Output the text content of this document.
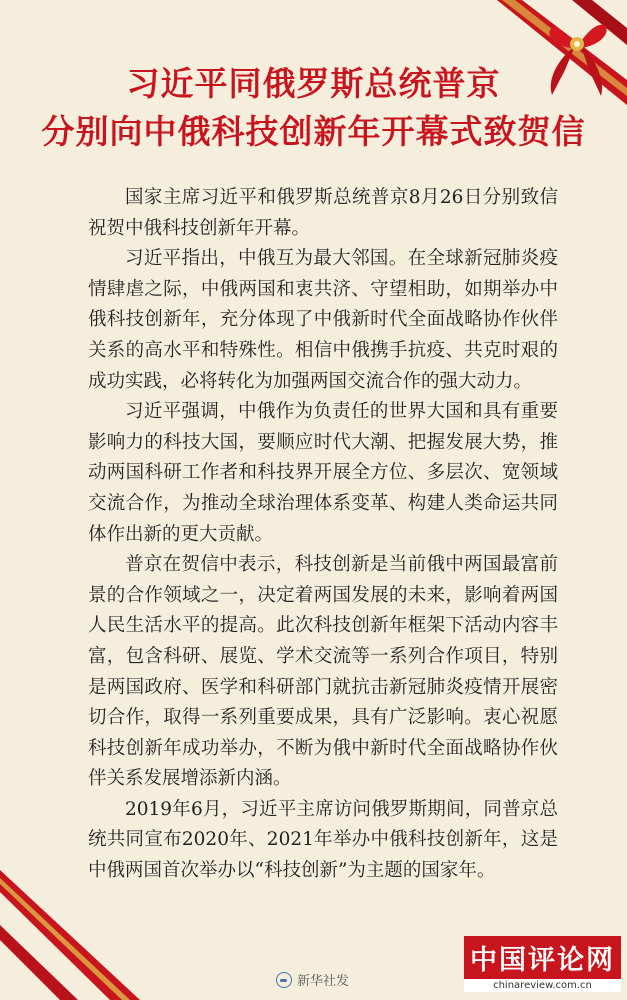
习近平同俄罗斯总统普京
分别向中俄科技创新年开幕式致贺信

国家主席习近平和俄罗斯总统普京8月26日分别致信祝贺中俄科技创新年开幕。

习近平指出，中俄互为最大邻国。在全球新冠肺炎疫情肆虐之际，中俄两国和衷共济、守望相助，如期举办中俄科技创新年，充分体现了中俄新时代全面战略协作伙伴关系的高水平和特殊性。相信中俄携手抗疫、共克时艰的成功实践，必将转化为加强两国交流合作的强大动力。

习近平强调，中俄作为负责任的世界大国和具有重要影响力的科技大国，要顺应时代大潮、把握发展大势，推动两国科研工作者和科技界开展全方位、多层次、宽领域交流合作，为推动全球治理体系变革、构建人类命运共同体作出新的更大贡献。

普京在贺信中表示，科技创新是当前俄中两国最富前景的合作领域之一，决定着两国发展的未来，影响着两国人民生活水平的提高。此次科技创新年框架下活动内容丰富，包含科研、展览、学术交流等一系列合作项目，特别是两国政府、医学和科研部门就抗击新冠肺炎疫情开展密切合作，取得一系列重要成果，具有广泛影响。衷心祝愿科技创新年成功举办，不断为俄中新时代全面战略协作伙伴关系发展增添新内涵。

2019年6月，习近平主席访问俄罗斯期间，同普京总统共同宣布2020年、2021年举办中俄科技创新年，这是中俄两国首次举办以“科技创新”为主题的国家年。

新华社发
中国评论网
chinareview.com.cn
